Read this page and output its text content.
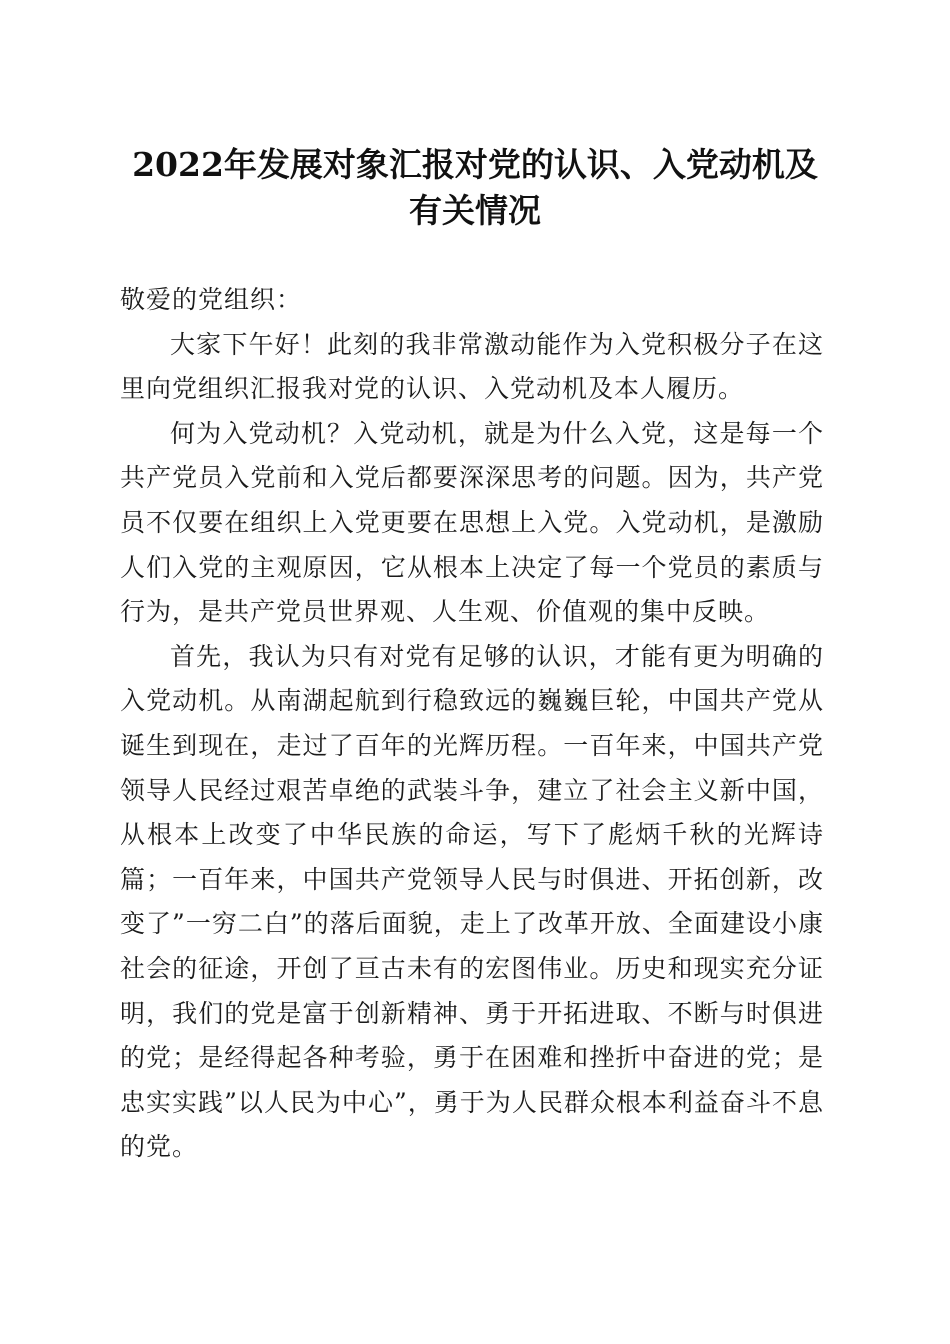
2022年发展对象汇报对党的认识、入党动机及有关情况

敬爱的党组织：

大家下午好！此刻的我非常激动能作为入党积极分子在这里向党组织汇报我对党的认识、入党动机及本人履历。

何为入党动机？入党动机，就是为什么入党，这是每一个共产党员入党前和入党后都要深深思考的问题。因为，共产党员不仅要在组织上入党更要在思想上入党。入党动机，是激励人们入党的主观原因，它从根本上决定了每一个党员的素质与行为，是共产党员世界观、人生观、价值观的集中反映。

首先，我认为只有对党有足够的认识，才能有更为明确的入党动机。从南湖起航到行稳致远的巍巍巨轮，中国共产党从诞生到现在，走过了百年的光辉历程。一百年来，中国共产党领导人民经过艰苦卓绝的武装斗争，建立了社会主义新中国，从根本上改变了中华民族的命运，写下了彪炳千秋的光辉诗篇；一百年来，中国共产党领导人民与时俱进、开拓创新，改变了”一穷二白”的落后面貌，走上了改革开放、全面建设小康社会的征途，开创了亘古未有的宏图伟业。历史和现实充分证明，我们的党是富于创新精神、勇于开拓进取、不断与时俱进的党；是经得起各种考验，勇于在困难和挫折中奋进的党；是忠实实践”以人民为中心”，勇于为人民群众根本利益奋斗不息的党。
